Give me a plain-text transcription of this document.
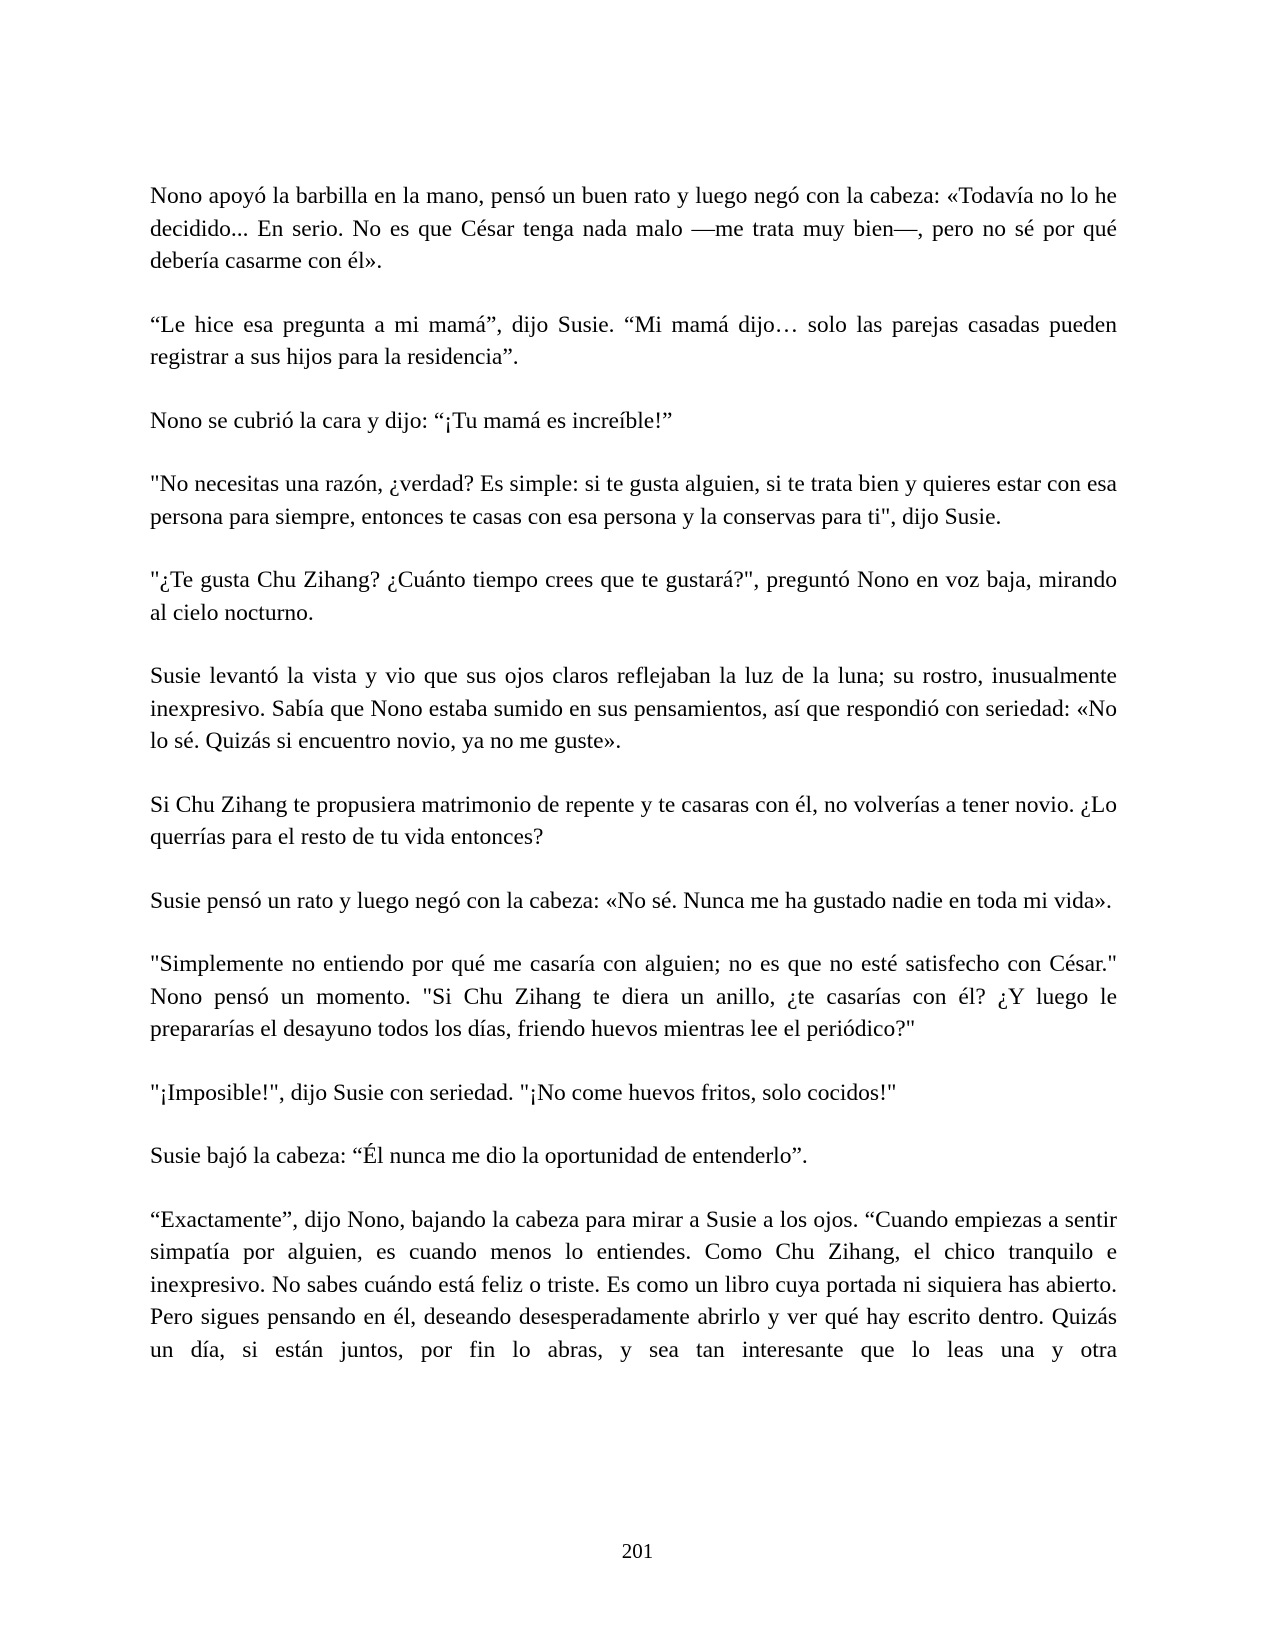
Nono apoyó la barbilla en la mano, pensó un buen rato y luego negó con la cabeza: «Todavía no lo he decidido... En serio. No es que César tenga nada malo —me trata muy bien—, pero no sé por qué debería casarme con él».

“Le hice esa pregunta a mi mamá”, dijo Susie. “Mi mamá dijo… solo las parejas casadas pueden registrar a sus hijos para la residencia”.

Nono se cubrió la cara y dijo: “¡Tu mamá es increíble!”

"No necesitas una razón, ¿verdad? Es simple: si te gusta alguien, si te trata bien y quieres estar con esa persona para siempre, entonces te casas con esa persona y la conservas para ti", dijo Susie.

"¿Te gusta Chu Zihang? ¿Cuánto tiempo crees que te gustará?", preguntó Nono en voz baja, mirando al cielo nocturno.

Susie levantó la vista y vio que sus ojos claros reflejaban la luz de la luna; su rostro, inusualmente inexpresivo. Sabía que Nono estaba sumido en sus pensamientos, así que respondió con seriedad: «No lo sé. Quizás si encuentro novio, ya no me guste».

Si Chu Zihang te propusiera matrimonio de repente y te casaras con él, no volverías a tener novio. ¿Lo querrías para el resto de tu vida entonces?

Susie pensó un rato y luego negó con la cabeza: «No sé. Nunca me ha gustado nadie en toda mi vida».

"Simplemente no entiendo por qué me casaría con alguien; no es que no esté satisfecho con César." Nono pensó un momento. "Si Chu Zihang te diera un anillo, ¿te casarías con él? ¿Y luego le prepararías el desayuno todos los días, friendo huevos mientras lee el periódico?"

"¡Imposible!", dijo Susie con seriedad. "¡No come huevos fritos, solo cocidos!"

Susie bajó la cabeza: “Él nunca me dio la oportunidad de entenderlo”.

“Exactamente”, dijo Nono, bajando la cabeza para mirar a Susie a los ojos. “Cuando empiezas a sentir simpatía por alguien, es cuando menos lo entiendes. Como Chu Zihang, el chico tranquilo e inexpresivo. No sabes cuándo está feliz o triste. Es como un libro cuya portada ni siquiera has abierto. Pero sigues pensando en él, deseando desesperadamente abrirlo y ver qué hay escrito dentro. Quizás un día, si están juntos, por fin lo abras, y sea tan interesante que lo leas una y otra

201
